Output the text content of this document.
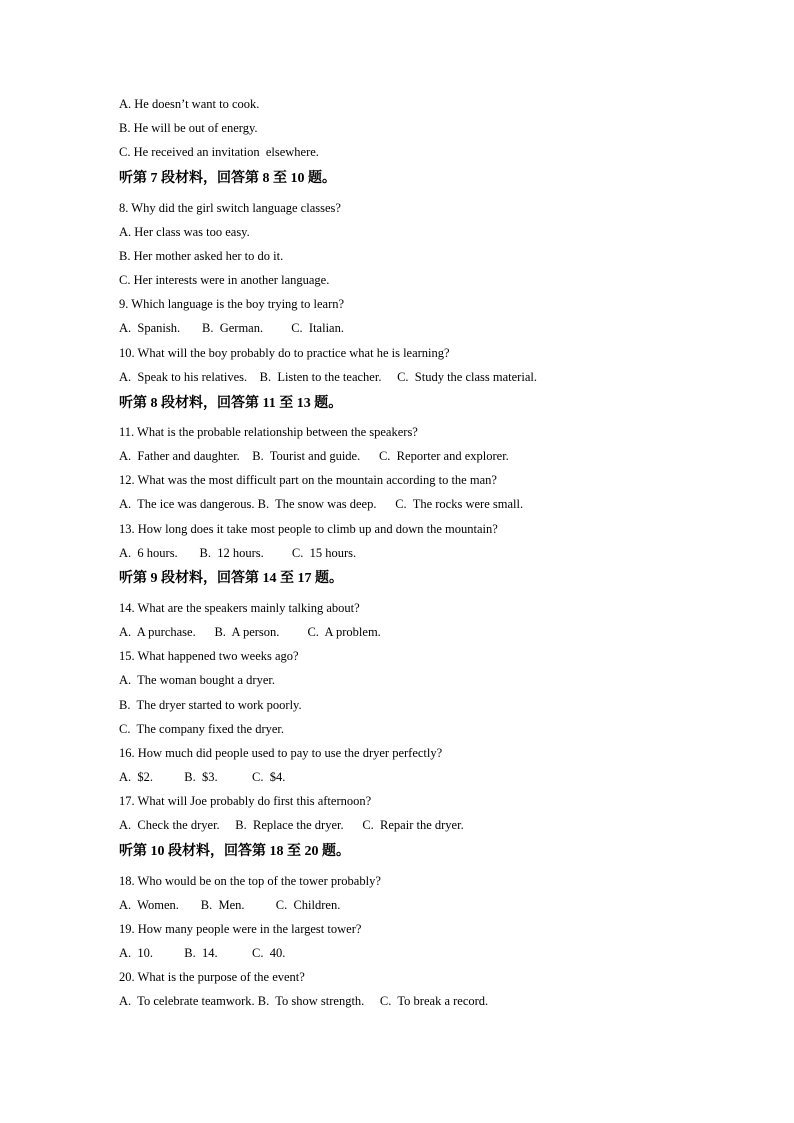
A. He doesn’t want to cook.
B. He will be out of energy.
C. He received an invitation  elsewhere.
听第 7 段材料，回答第 8 至 10 题。
8. Why did the girl switch language classes?
A. Her class was too easy.
B. Her mother asked her to do it.
C. Her interests were in another language.
9. Which language is the boy trying to learn?
A.  Spanish.       B.  German.         C.  Italian.
10. What will the boy probably do to practice what he is learning?
A.  Speak to his relatives.    B.  Listen to the teacher.     C.  Study the class material.
听第 8 段材料，回答第 11 至 13 题。
11. What is the probable relationship between the speakers?
A.  Father and daughter.    B.  Tourist and guide.      C.  Reporter and explorer.
12. What was the most difficult part on the mountain according to the man?
A.  The ice was dangerous. B.  The snow was deep.      C.  The rocks were small.
13. How long does it take most people to climb up and down the mountain?
A.  6 hours.       B.  12 hours.         C.  15 hours.
听第 9 段材料，回答第 14 至 17 题。
14. What are the speakers mainly talking about?
A.  A purchase.      B.  A person.         C.  A problem.
15. What happened two weeks ago?
A.  The woman bought a dryer.
B.  The dryer started to work poorly.
C.  The company fixed the dryer.
16. How much did people used to pay to use the dryer perfectly?
A.  $2.          B.  $3.           C.  $4.
17. What will Joe probably do first this afternoon?
A.  Check the dryer.     B.  Replace the dryer.      C.  Repair the dryer.
听第 10 段材料，回答第 18 至 20 题。
18. Who would be on the top of the tower probably?
A.  Women.       B.  Men.          C.  Children.
19. How many people were in the largest tower?
A.  10.          B.  14.           C.  40.
20. What is the purpose of the event?
A.  To celebrate teamwork. B.  To show strength.     C.  To break a record.
